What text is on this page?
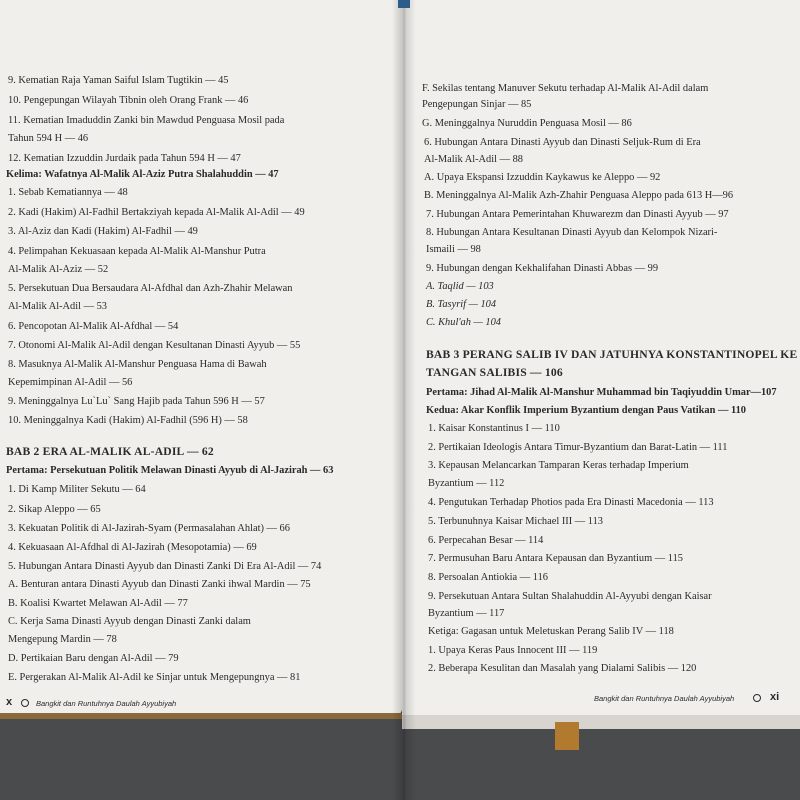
9. Kematian Raja Yaman Saiful Islam Tugtikin — 45
10. Pengepungan Wilayah Tibnin oleh Orang Frank — 46
11. Kematian Imaduddin Zanki bin Mawdud Penguasa Mosil pada
Tahun 594 H — 46
12. Kematian Izzuddin Jurdaik pada Tahun 594 H — 47
Kelima: Wafatnya Al-Malik Al-Aziz Putra Shalahuddin — 47
1. Sebab Kematiannya — 48
2. Kadi (Hakim) Al-Fadhil Bertakziyah kepada Al-Malik Al-Adil — 49
3. Al-Aziz dan Kadi (Hakim) Al-Fadhil — 49
4. Pelimpahan Kekuasaan kepada Al-Malik Al-Manshur Putra
Al-Malik Al-Aziz — 52
5. Persekutuan Dua Bersaudara Al-Afdhal dan Azh-Zhahir Melawan
Al-Malik Al-Adil — 53
6. Pencopotan Al-Malik Al-Afdhal — 54
7. Otonomi Al-Malik Al-Adil dengan Kesultanan Dinasti Ayyub — 55
8. Masuknya Al-Malik Al-Manshur Penguasa Hama di Bawah
Kepemimpinan Al-Adil — 56
9. Meninggalnya Lu`Lu` Sang Hajib pada Tahun 596 H — 57
10. Meninggalnya Kadi (Hakim) Al-Fadhil (596 H) — 58
BAB 2 ERA AL-MALIK AL-ADIL — 62
Pertama: Persekutuan Politik Melawan Dinasti Ayyub di Al-Jazirah — 63
1. Di Kamp Militer Sekutu — 64
2. Sikap Aleppo — 65
3. Kekuatan Politik di Al-Jazirah-Syam (Permasalahan Ahlat) — 66
4. Kekuasaan Al-Afdhal di Al-Jazirah (Mesopotamia) — 69
5. Hubungan Antara Dinasti Ayyub dan Dinasti Zanki Di Era Al-Adil — 74
A. Benturan antara Dinasti Ayyub dan Dinasti Zanki ihwal Mardin — 75
B. Koalisi Kwartet Melawan Al-Adil — 77
C. Kerja Sama Dinasti Ayyub dengan Dinasti Zanki dalam
Mengepung Mardin — 78
D. Pertikaian Baru dengan Al-Adil — 79
E. Pergerakan Al-Malik Al-Adil ke Sinjar untuk Mengepungnya — 81
x	Bangkit dan Runtuhnya Daulah Ayyubiyah
F. Sekilas tentang Manuver Sekutu terhadap Al-Malik Al-Adil dalam
Pengepungan Sinjar — 85
G. Meninggalnya Nuruddin Penguasa Mosil — 86
6. Hubungan Antara Dinasti Ayyub dan Dinasti Seljuk-Rum di Era
Al-Malik Al-Adil — 88
A. Upaya Ekspansi Izzuddin Kaykawus ke Aleppo — 92
B. Meninggalnya Al-Malik Azh-Zhahir Penguasa Aleppo pada 613 H—96
7. Hubungan Antara Pemerintahan Khuwarezm dan Dinasti Ayyub — 97
8. Hubungan Antara Kesultanan Dinasti Ayyub dan Kelompok Nizari-
Ismaili — 98
9. Hubungan dengan Kekhalifahan Dinasti Abbas — 99
A. Taqlid — 103
B. Tasyrif — 104
C. Khul'ah — 104
BAB 3 PERANG SALIB IV DAN JATUHNYA KONSTANTINOPEL KE
TANGAN SALIBIS — 106
Pertama: Jihad Al-Malik Al-Manshur Muhammad bin Taqiyuddin Umar—107
Kedua: Akar Konflik Imperium Byzantium dengan Paus Vatikan — 110
1. Kaisar Konstantinus I — 110
2. Pertikaian Ideologis Antara Timur-Byzantium dan Barat-Latin — 111
3. Kepausan Melancarkan Tamparan Keras terhadap Imperium
Byzantium — 112
4. Pengutukan Terhadap Photios pada Era Dinasti Macedonia — 113
5. Terbunuhnya Kaisar Michael III — 113
6. Perpecahan Besar — 114
7. Permusuhan Baru Antara Kepausan dan Byzantium — 115
8. Persoalan Antiokia — 116
9. Persekutuan Antara Sultan Shalahuddin Al-Ayyubi dengan Kaisar
Byzantium — 117
Ketiga: Gagasan untuk Meletuskan Perang Salib IV — 118
1. Upaya Keras Paus Innocent III — 119
2. Beberapa Kesulitan dan Masalah yang Dialami Salibis — 120
Bangkit dan Runtuhnya Daulah Ayyubiyah	xi
